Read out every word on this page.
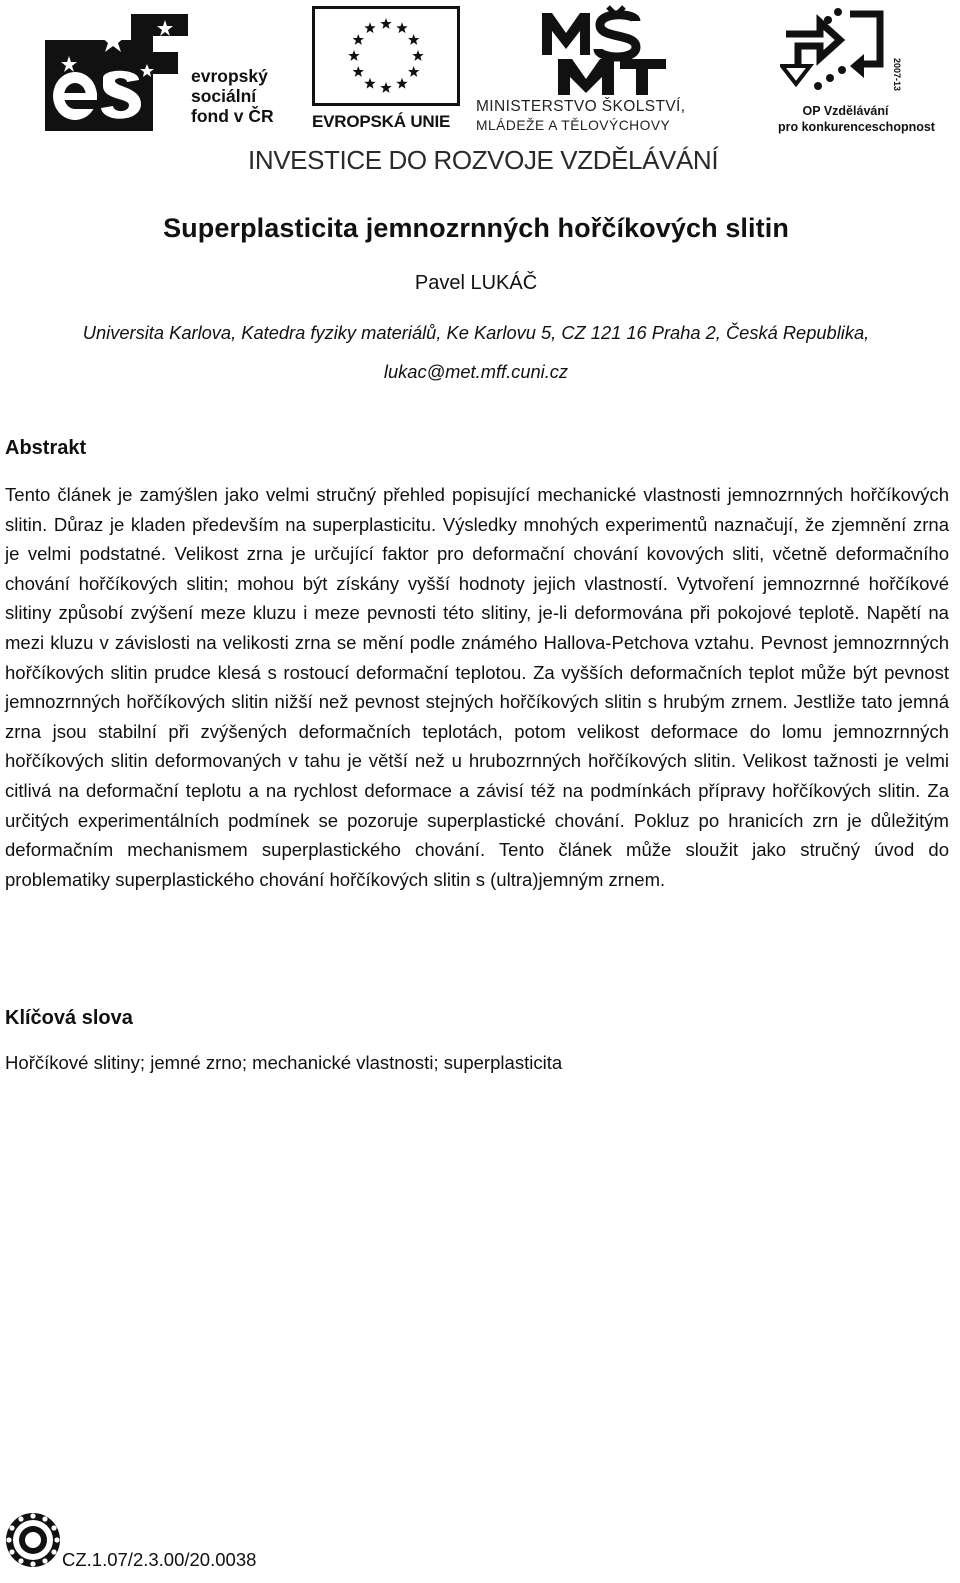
evropský
sociální
fond v ČR EVROPSKÁ UNIE
MINISTERSTVO ŠKOLSTVÍ,
MLÁDEŽE A TĚLOVÝCHOVY
2007-13
OP Vzdělávání
pro konkurenceschopnost
INVESTICE DO ROZVOJE VZDĚLÁVÁNÍ
Superplasticita jemnozrnných hořčíkových slitin
Pavel LUKÁČ
Universita Karlova, Katedra fyziky materiálů, Ke Karlovu 5, CZ 121 16 Praha 2, Česká Republika,
lukac@met.mff.cuni.cz
Abstrakt
Tento článek je zamýšlen jako velmi stručný přehled popisující mechanické vlastnosti jemnozrnných hořčíkových slitin. Důraz je kladen především na superplasticitu. Výsledky mnohých experimentů naznačují, že zjemnění zrna je velmi podstatné. Velikost zrna je určující faktor pro deformační chování kovových sliti, včetně deformačního chování hořčíkových slitin; mohou být získány vyšší hodnoty jejich vlastností. Vytvoření jemnozrnné hořčíkové slitiny způsobí zvýšení meze kluzu i meze pevnosti této slitiny, je-li deformována při pokojové teplotě. Napětí na mezi kluzu v závislosti na velikosti zrna se mění podle známého Hallova-Petchova vztahu. Pevnost jemnozrnných hořčíkových slitin prudce klesá s rostoucí deformační teplotou. Za vyšších deformačních teplot může být pevnost jemnozrnných hořčíkových slitin nižší než pevnost stejných hořčíkových slitin s hrubým zrnem. Jestliže tato jemná zrna jsou stabilní při zvýšených deformačních teplotách, potom velikost deformace do lomu jemnozrnných hořčíkových slitin deformovaných v tahu je větší než u hrubozrnných hořčíkových slitin. Velikost tažnosti je velmi citlivá na deformační teplotu a na rychlost deformace a závisí též na podmínkách přípravy hořčíkových slitin. Za určitých experimentálních podmínek se pozoruje superplastické chování. Pokluz po hranicích zrn je důležitým deformačním mechanismem superplastického chování. Tento článek může sloužit jako stručný úvod do problematiky superplastického chování hořčíkových slitin s (ultra)jemným zrnem.
Klíčová slova
Hořčíkové slitiny; jemné zrno; mechanické vlastnosti; superplasticita
CZ.1.07/2.3.00/20.0038
